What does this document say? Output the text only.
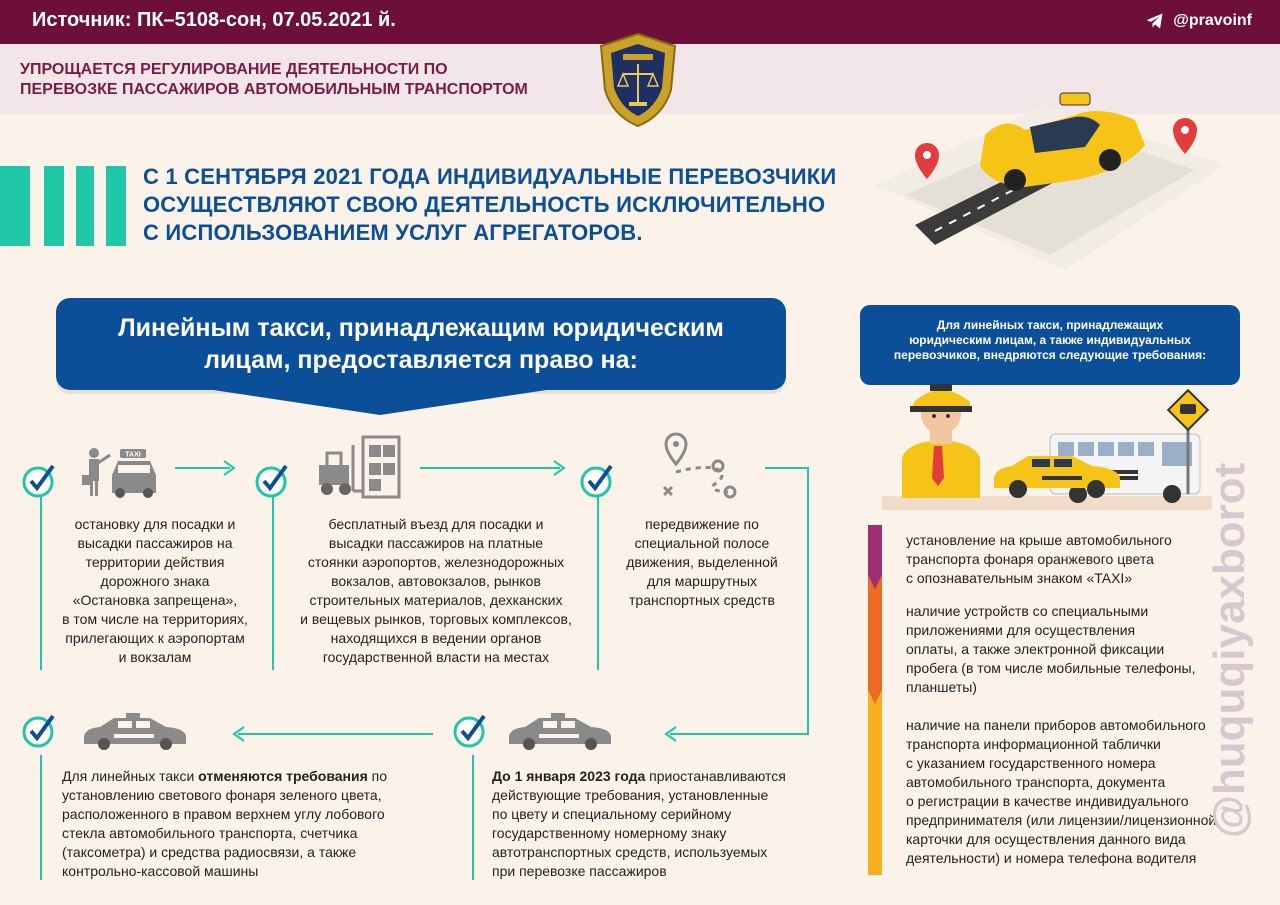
Источник: ПК–5108-сон, 07.05.2021 й.	@pravoinf
УПРОЩАЕТСЯ РЕГУЛИРОВАНИЕ ДЕЯТЕЛЬНОСТИ ПО
ПЕРЕВОЗКЕ ПАССАЖИРОВ АВТОМОБИЛЬНЫМ ТРАНСПОРТОМ
С 1 СЕНТЯБРЯ 2021 ГОДА ИНДИВИДУАЛЬНЫЕ ПЕРЕВОЗЧИКИ
ОСУЩЕСТВЛЯЮТ СВОЮ ДЕЯТЕЛЬНОСТЬ ИСКЛЮЧИТЕЛЬНО
С ИСПОЛЬЗОВАНИЕМ УСЛУГ АГРЕГАТОРОВ.
Линейным такси, принадлежащим юридическим
лицам, предоставляется право на:
Для линейных такси, принадлежащих
юридическим лицам, а также индивидуальных
перевозчиков, внедряются следующие требования:
TAXI
остановку для посадки и
высадки пассажиров на
территории действия
дорожного знака
«Остановка запрещена»,
в том числе на территориях,
прилегающих к аэропортам
и вокзалам
бесплатный въезд для посадки и
высадки пассажиров на платные
стоянки аэропортов, железнодорожных
вокзалов, автовокзалов, рынков
строительных материалов, дехканских
и вещевых рынков, торговых комплексов,
находящихся в ведении органов
государственной власти на местах
передвижение по
специальной полосе
движения, выделенной
для маршрутных
транспортных средств
Для линейных такси отменяются требования по
установлению светового фонаря зеленого цвета,
расположенного в правом верхнем углу лобового
стекла автомобильного транспорта, счетчика
(таксометра) и средства радиосвязи, а также
контрольно-кассовой машины
До 1 января 2023 года приостанавливаются
действующие требования, установленные
по цвету и специальному серийному
государственному номерному знаку
автотранспортных средств, используемых
при перевозке пассажиров
установление на крыше автомобильного
транспорта фонаря оранжевого цвета
с опознавательным знаком «TAXI»
наличие устройств со специальными
приложениями для осуществления
оплаты, а также электронной фиксации
пробега (в том числе мобильные телефоны,
планшеты)
наличие на панели приборов автомобильного
транспорта информационной таблички
с указанием государственного номера
автомобильного транспорта, документа
о регистрации в качестве индивидуального
предпринимателя (или лицензии/лицензионной
карточки для осуществления данного вида
деятельности) и номера телефона водителя
@huquqiyaxborot
